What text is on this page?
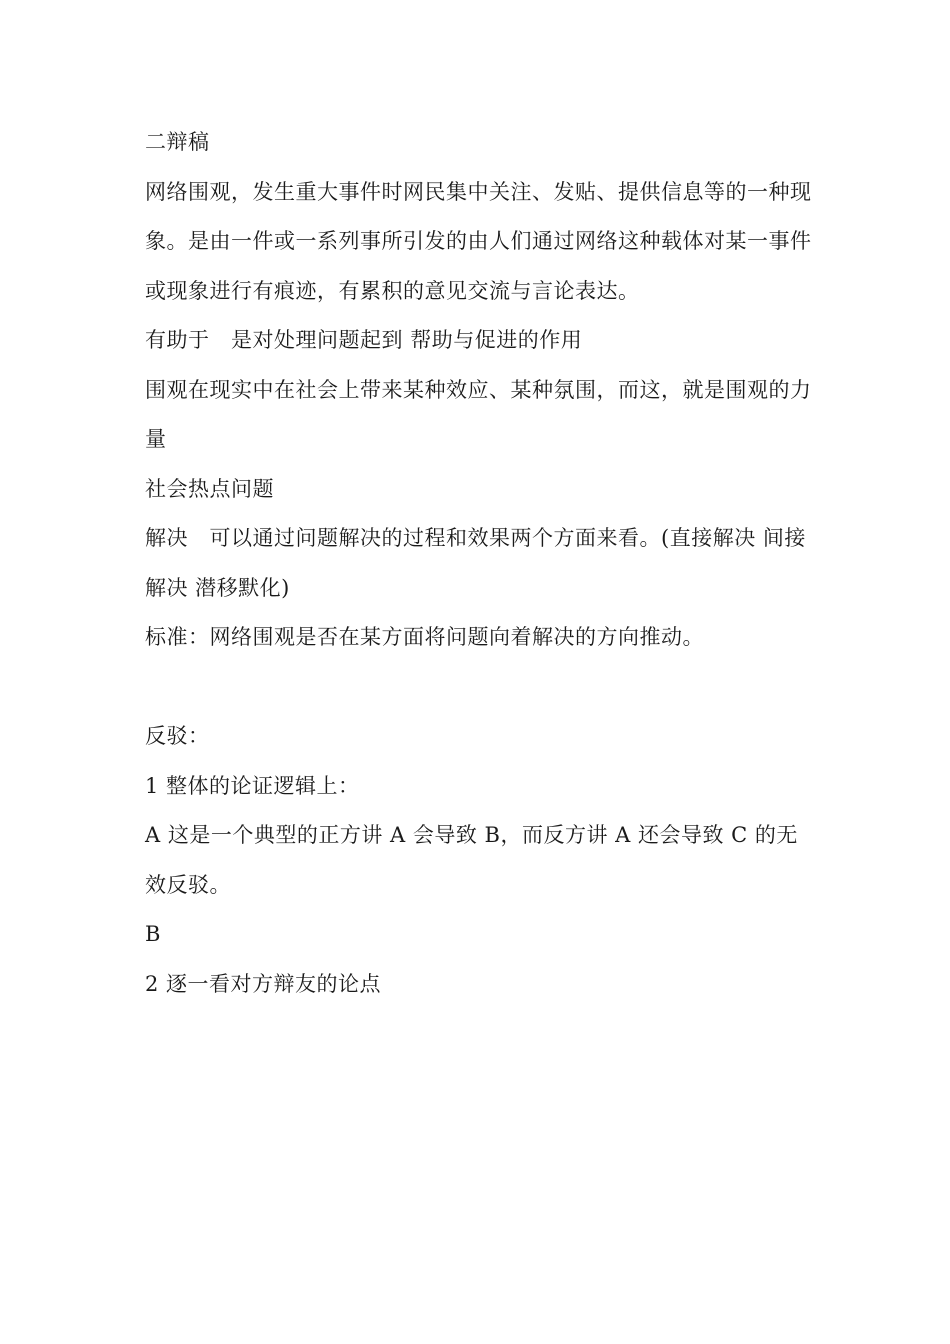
二辩稿

网络围观，发生重大事件时网民集中关注、发贴、提供信息等的一种现象。是由一件或一系列事所引发的由人们通过网络这种载体对某一事件或现象进行有痕迹，有累积的意见交流与言论表达。

有助于   是对处理问题起到 帮助与促进的作用

围观在现实中在社会上带来某种效应、某种氛围，而这，就是围观的力量

社会热点问题

解决   可以通过问题解决的过程和效果两个方面来看。(直接解决 间接解决 潜移默化)

标准：网络围观是否在某方面将问题向着解决的方向推动。

反驳：

1 整体的论证逻辑上：

A 这是一个典型的正方讲 A 会导致 B，而反方讲 A 还会导致 C 的无效反驳。

B

2 逐一看对方辩友的论点
